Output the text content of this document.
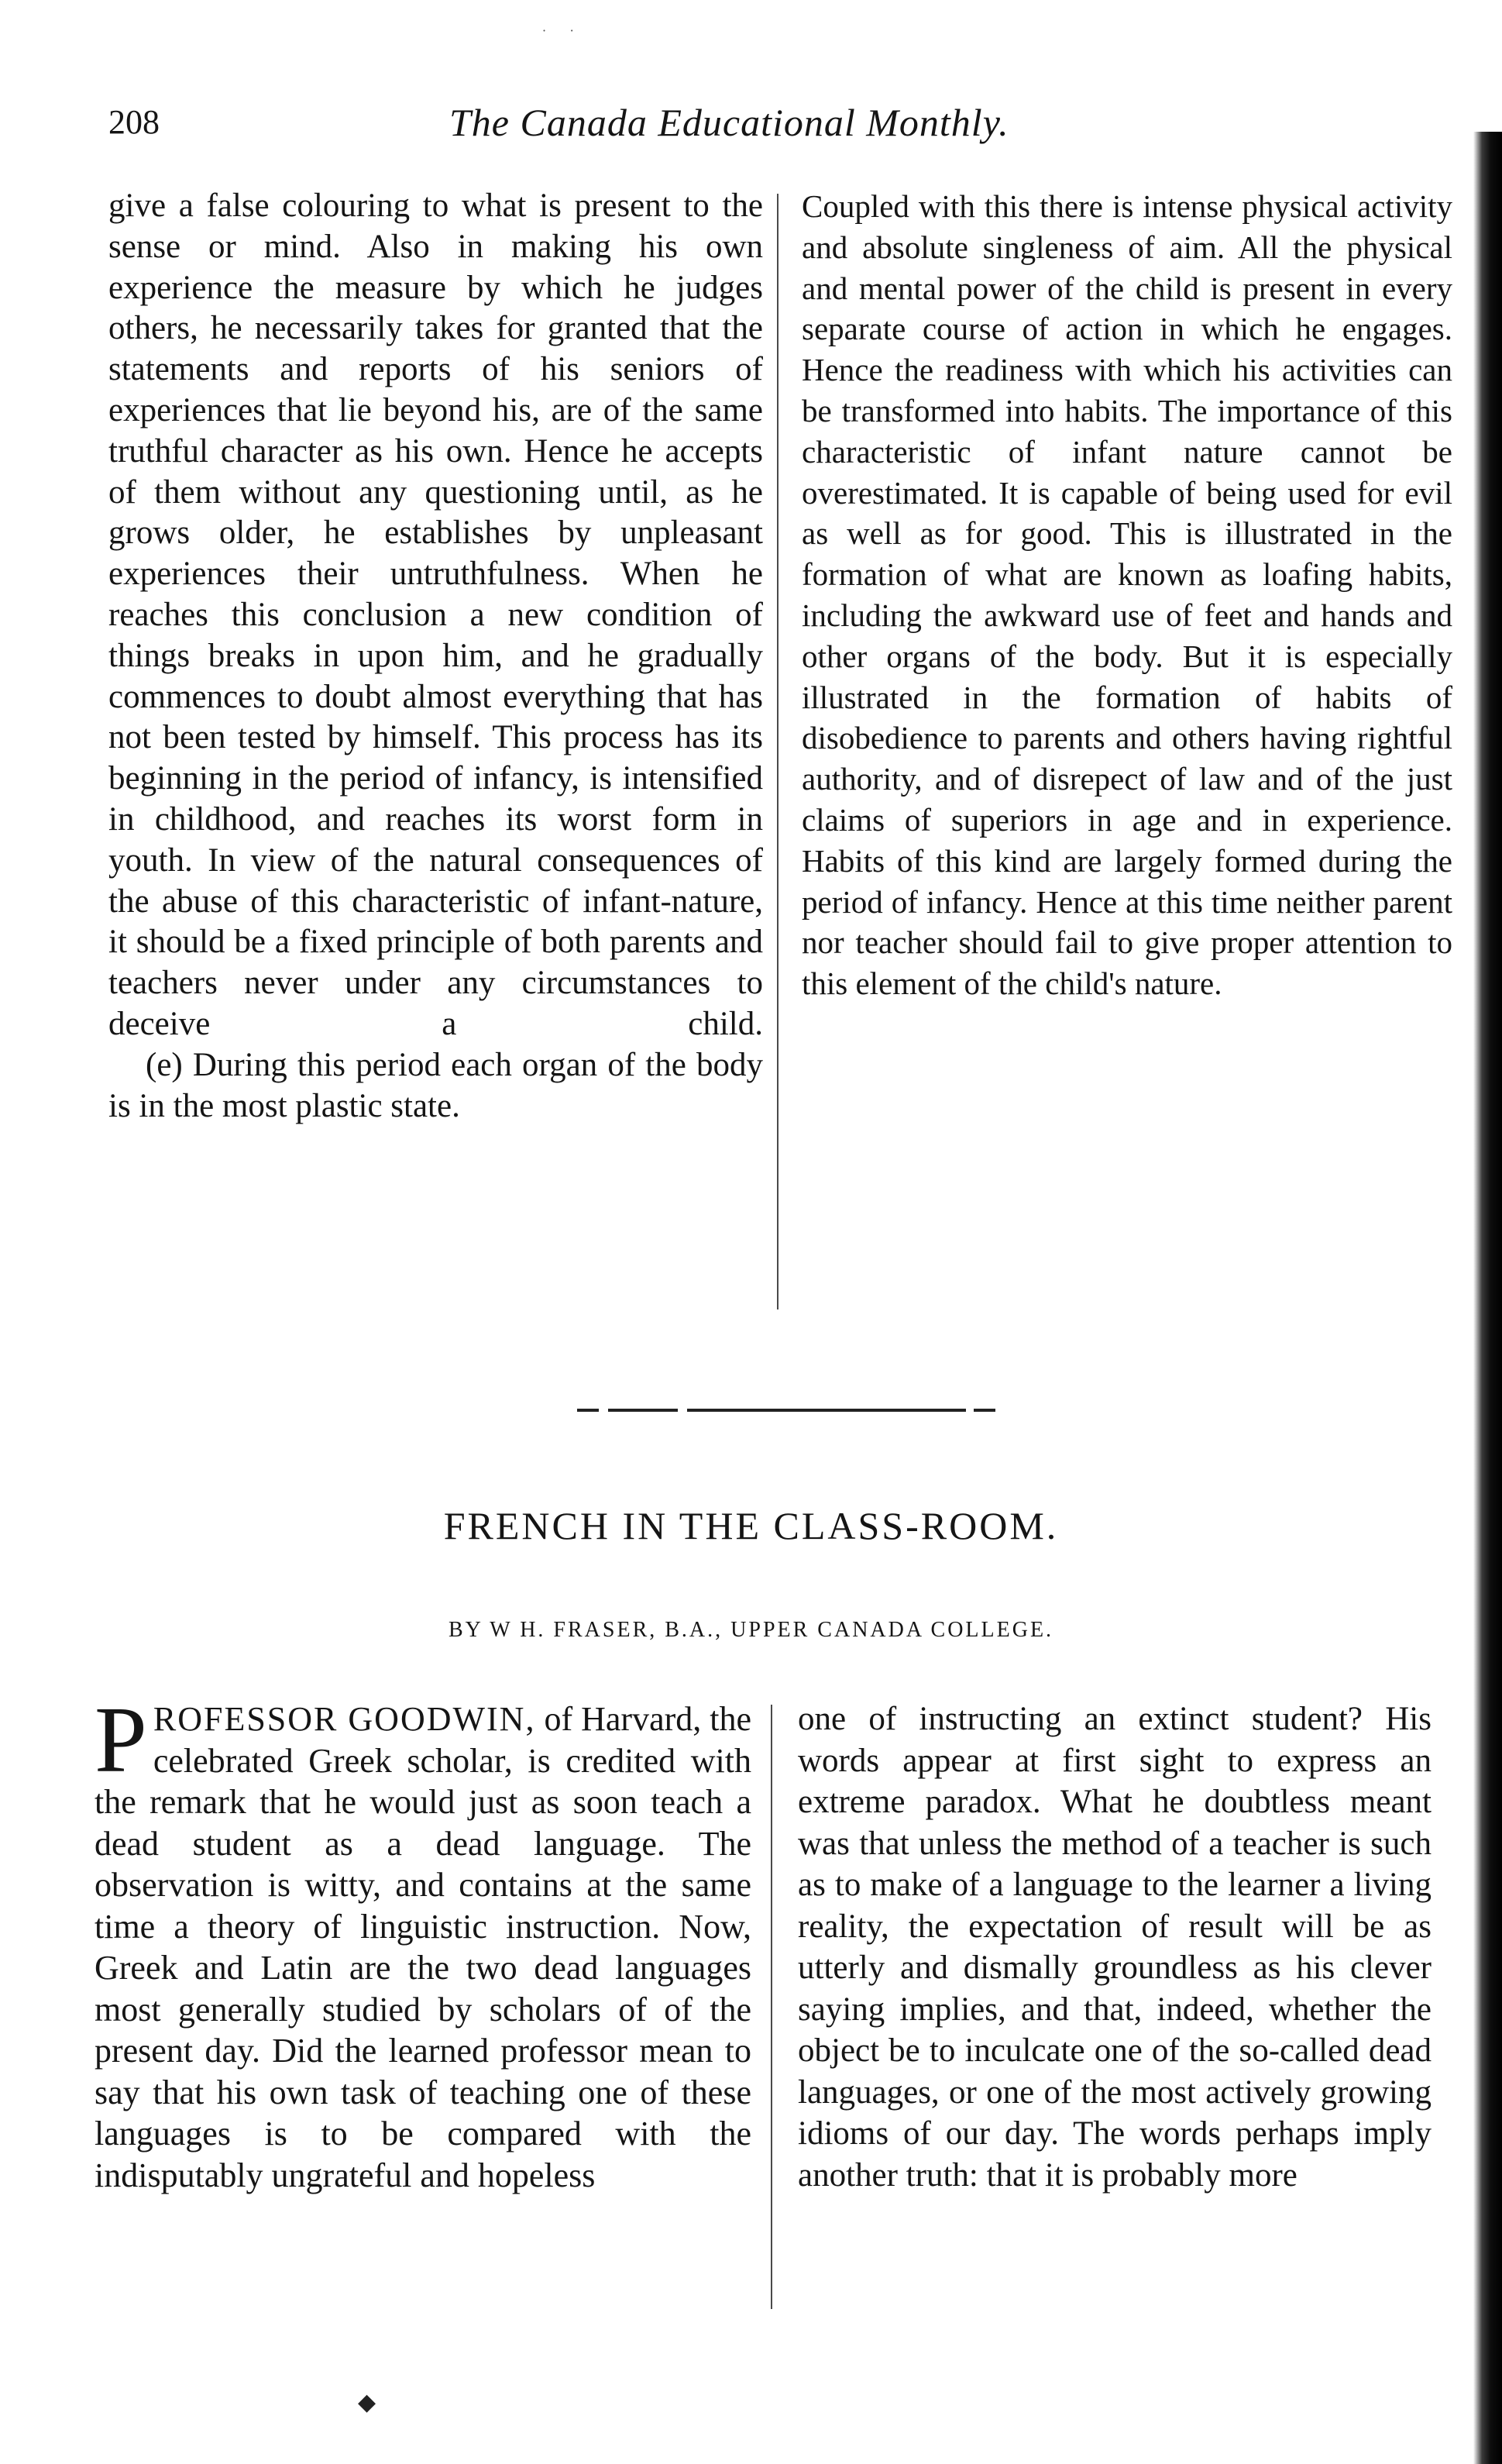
·      ·
208	The Canada Educational Monthly.

give a false colouring to what is present to the sense or mind. Also in making his own experience the measure by which he judges others, he necessarily takes for granted that the statements and reports of his seniors of experiences that lie beyond his, are of the same truthful character as his own. Hence he accepts of them without any questioning until, as he grows older, he establishes by unpleasant experiences their untruthfulness. When he reaches this conclusion a new condition of things breaks in upon him, and he gradually commences to doubt almost everything that has not been tested by himself. This process has its beginning in the period of infancy, is intensified in childhood, and reaches its worst form in youth. In view of the natural consequences of the abuse of this characteristic of infant-nature, it should be a fixed principle of both parents and teachers never under any circumstances to deceive a child.

(e) During this period each organ of the body is in the most plastic state.

Coupled with this there is intense physical activity and absolute singleness of aim. All the physical and mental power of the child is present in every separate course of action in which he engages. Hence the readiness with which his activities can be transformed into habits. The importance of this characteristic of infant nature cannot be overestimated. It is capable of being used for evil as well as for good. This is illustrated in the formation of what are known as loafing habits, including the awkward use of feet and hands and other organs of the body. But it is especially illustrated in the formation of habits of disobedience to parents and others having rightful authority, and of disrepect of law and of the just claims of superiors in age and in experience. Habits of this kind are largely formed during the period of infancy. Hence at this time neither parent nor teacher should fail to give proper attention to this element of the child's nature.

FRENCH IN THE CLASS-ROOM.
BY W H. FRASER, B.A., UPPER CANADA COLLEGE.

PROFESSOR GOODWIN, of Harvard, the celebrated Greek scholar, is credited with the remark that he would just as soon teach a dead student as a dead language. The observation is witty, and contains at the same time a theory of linguistic instruction. Now, Greek and Latin are the two dead languages most generally studied by scholars of of the present day. Did the learned professor mean to say that his own task of teaching one of these languages is to be compared with the indisputably ungrateful and hopeless

one of instructing an extinct student? His words appear at first sight to express an extreme paradox. What he doubtless meant was that unless the method of a teacher is such as to make of a language to the learner a living reality, the expectation of result will be as utterly and dismally groundless as his clever saying implies, and that, indeed, whether the object be to inculcate one of the so-called dead languages, or one of the most actively growing idioms of our day. The words perhaps imply another truth: that it is probably more

◆
